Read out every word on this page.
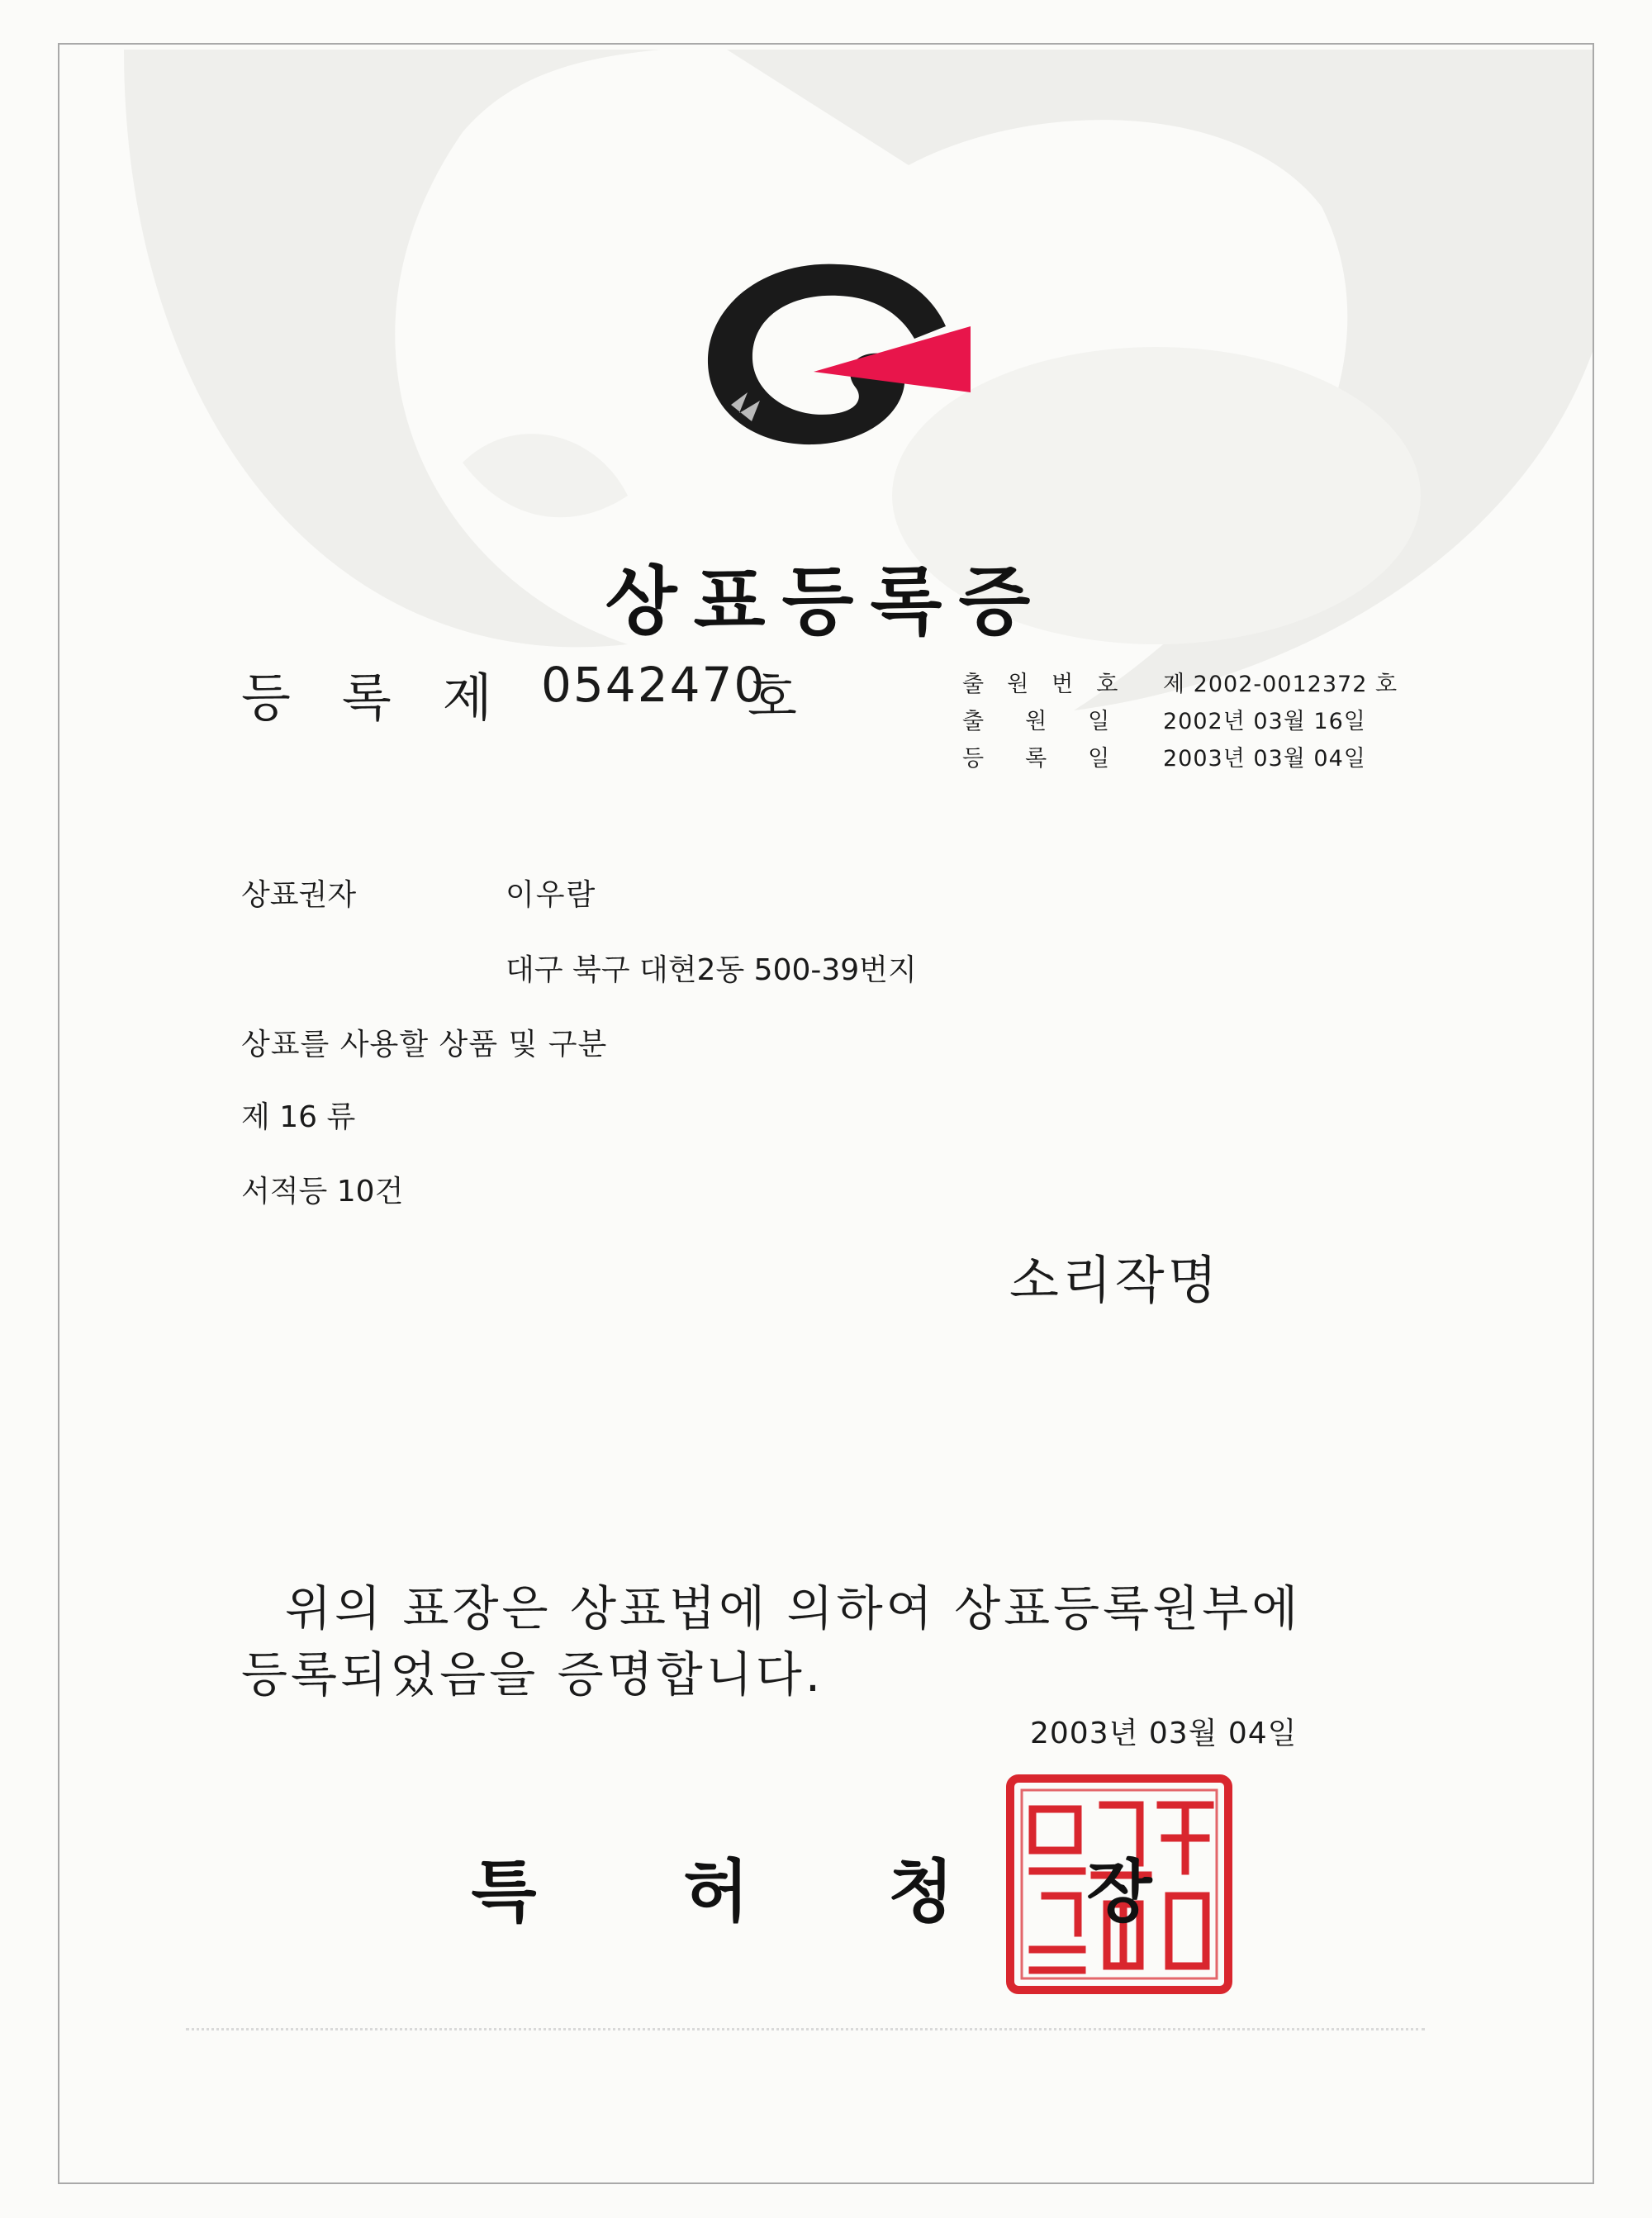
상표등록증
등록제
0542470
호	출원번호 제 2002-0012372 호
출원일 2002년 03월 16일
등록일 2003년 03월 04일
상표권자	이우람
대구 북구 대현2동 500-39번지
상표를 사용할 상품 및 구분
제 16 류
서적등 10건
소리작명
위의 표장은 상표법에 의하여 상표등록원부에
등록되었음을 증명합니다.
2003년 03월 04일
특 허 청 장
